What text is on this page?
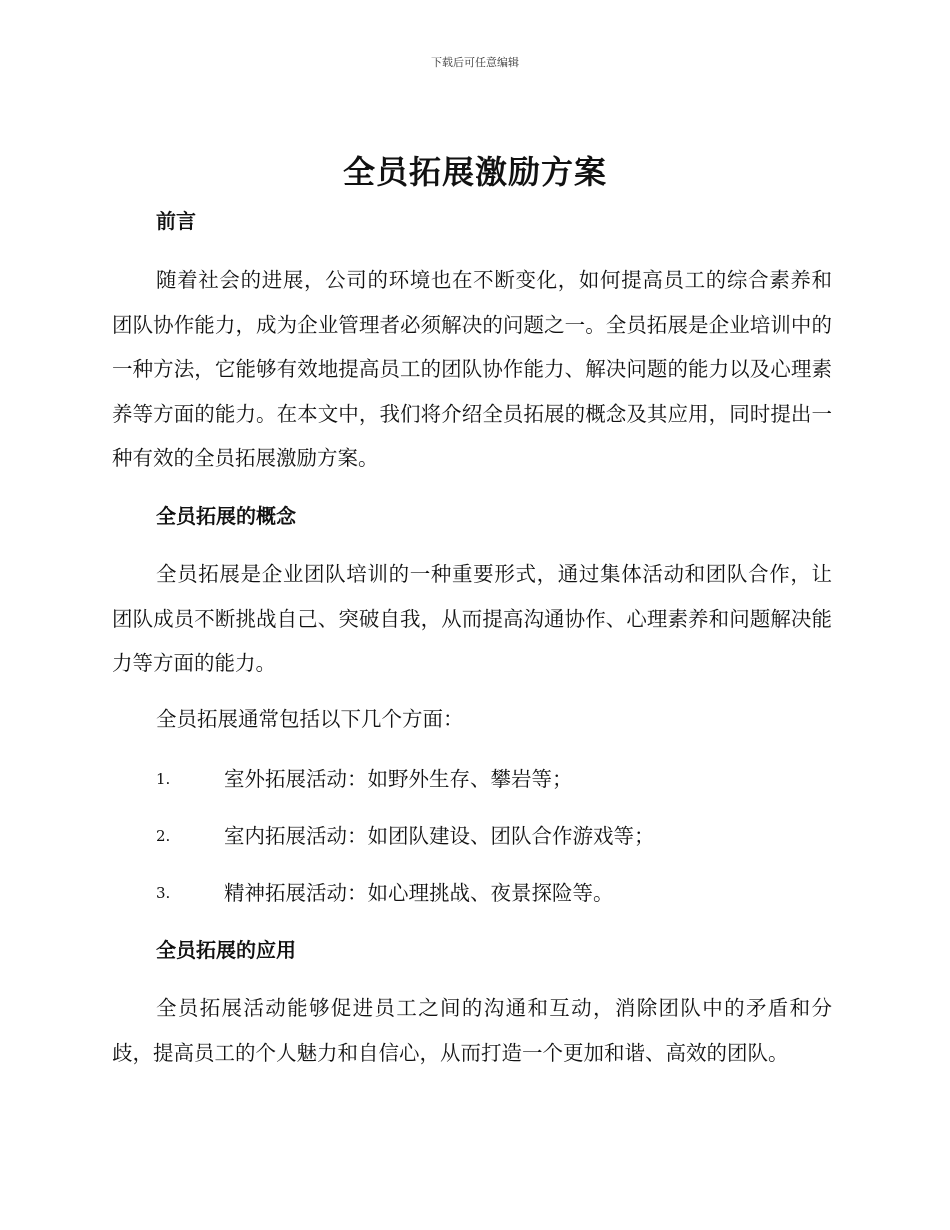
下载后可任意编辑
全员拓展激励方案
前言

随着社会的进展，公司的环境也在不断变化，如何提高员工的综合素养和团队协作能力，成为企业管理者必须解决的问题之一。全员拓展是企业培训中的一种方法，它能够有效地提高员工的团队协作能力、解决问题的能力以及心理素养等方面的能力。在本文中，我们将介绍全员拓展的概念及其应用，同时提出一种有效的全员拓展激励方案。

全员拓展的概念

全员拓展是企业团队培训的一种重要形式，通过集体活动和团队合作，让团队成员不断挑战自己、突破自我，从而提高沟通协作、心理素养和问题解决能力等方面的能力。

全员拓展通常包括以下几个方面：

1.	室外拓展活动：如野外生存、攀岩等；
2.	室内拓展活动：如团队建设、团队合作游戏等；
3.	精神拓展活动：如心理挑战、夜景探险等。
全员拓展的应用

全员拓展活动能够促进员工之间的沟通和互动，消除团队中的矛盾和分歧，提高员工的个人魅力和自信心，从而打造一个更加和谐、高效的团队。
